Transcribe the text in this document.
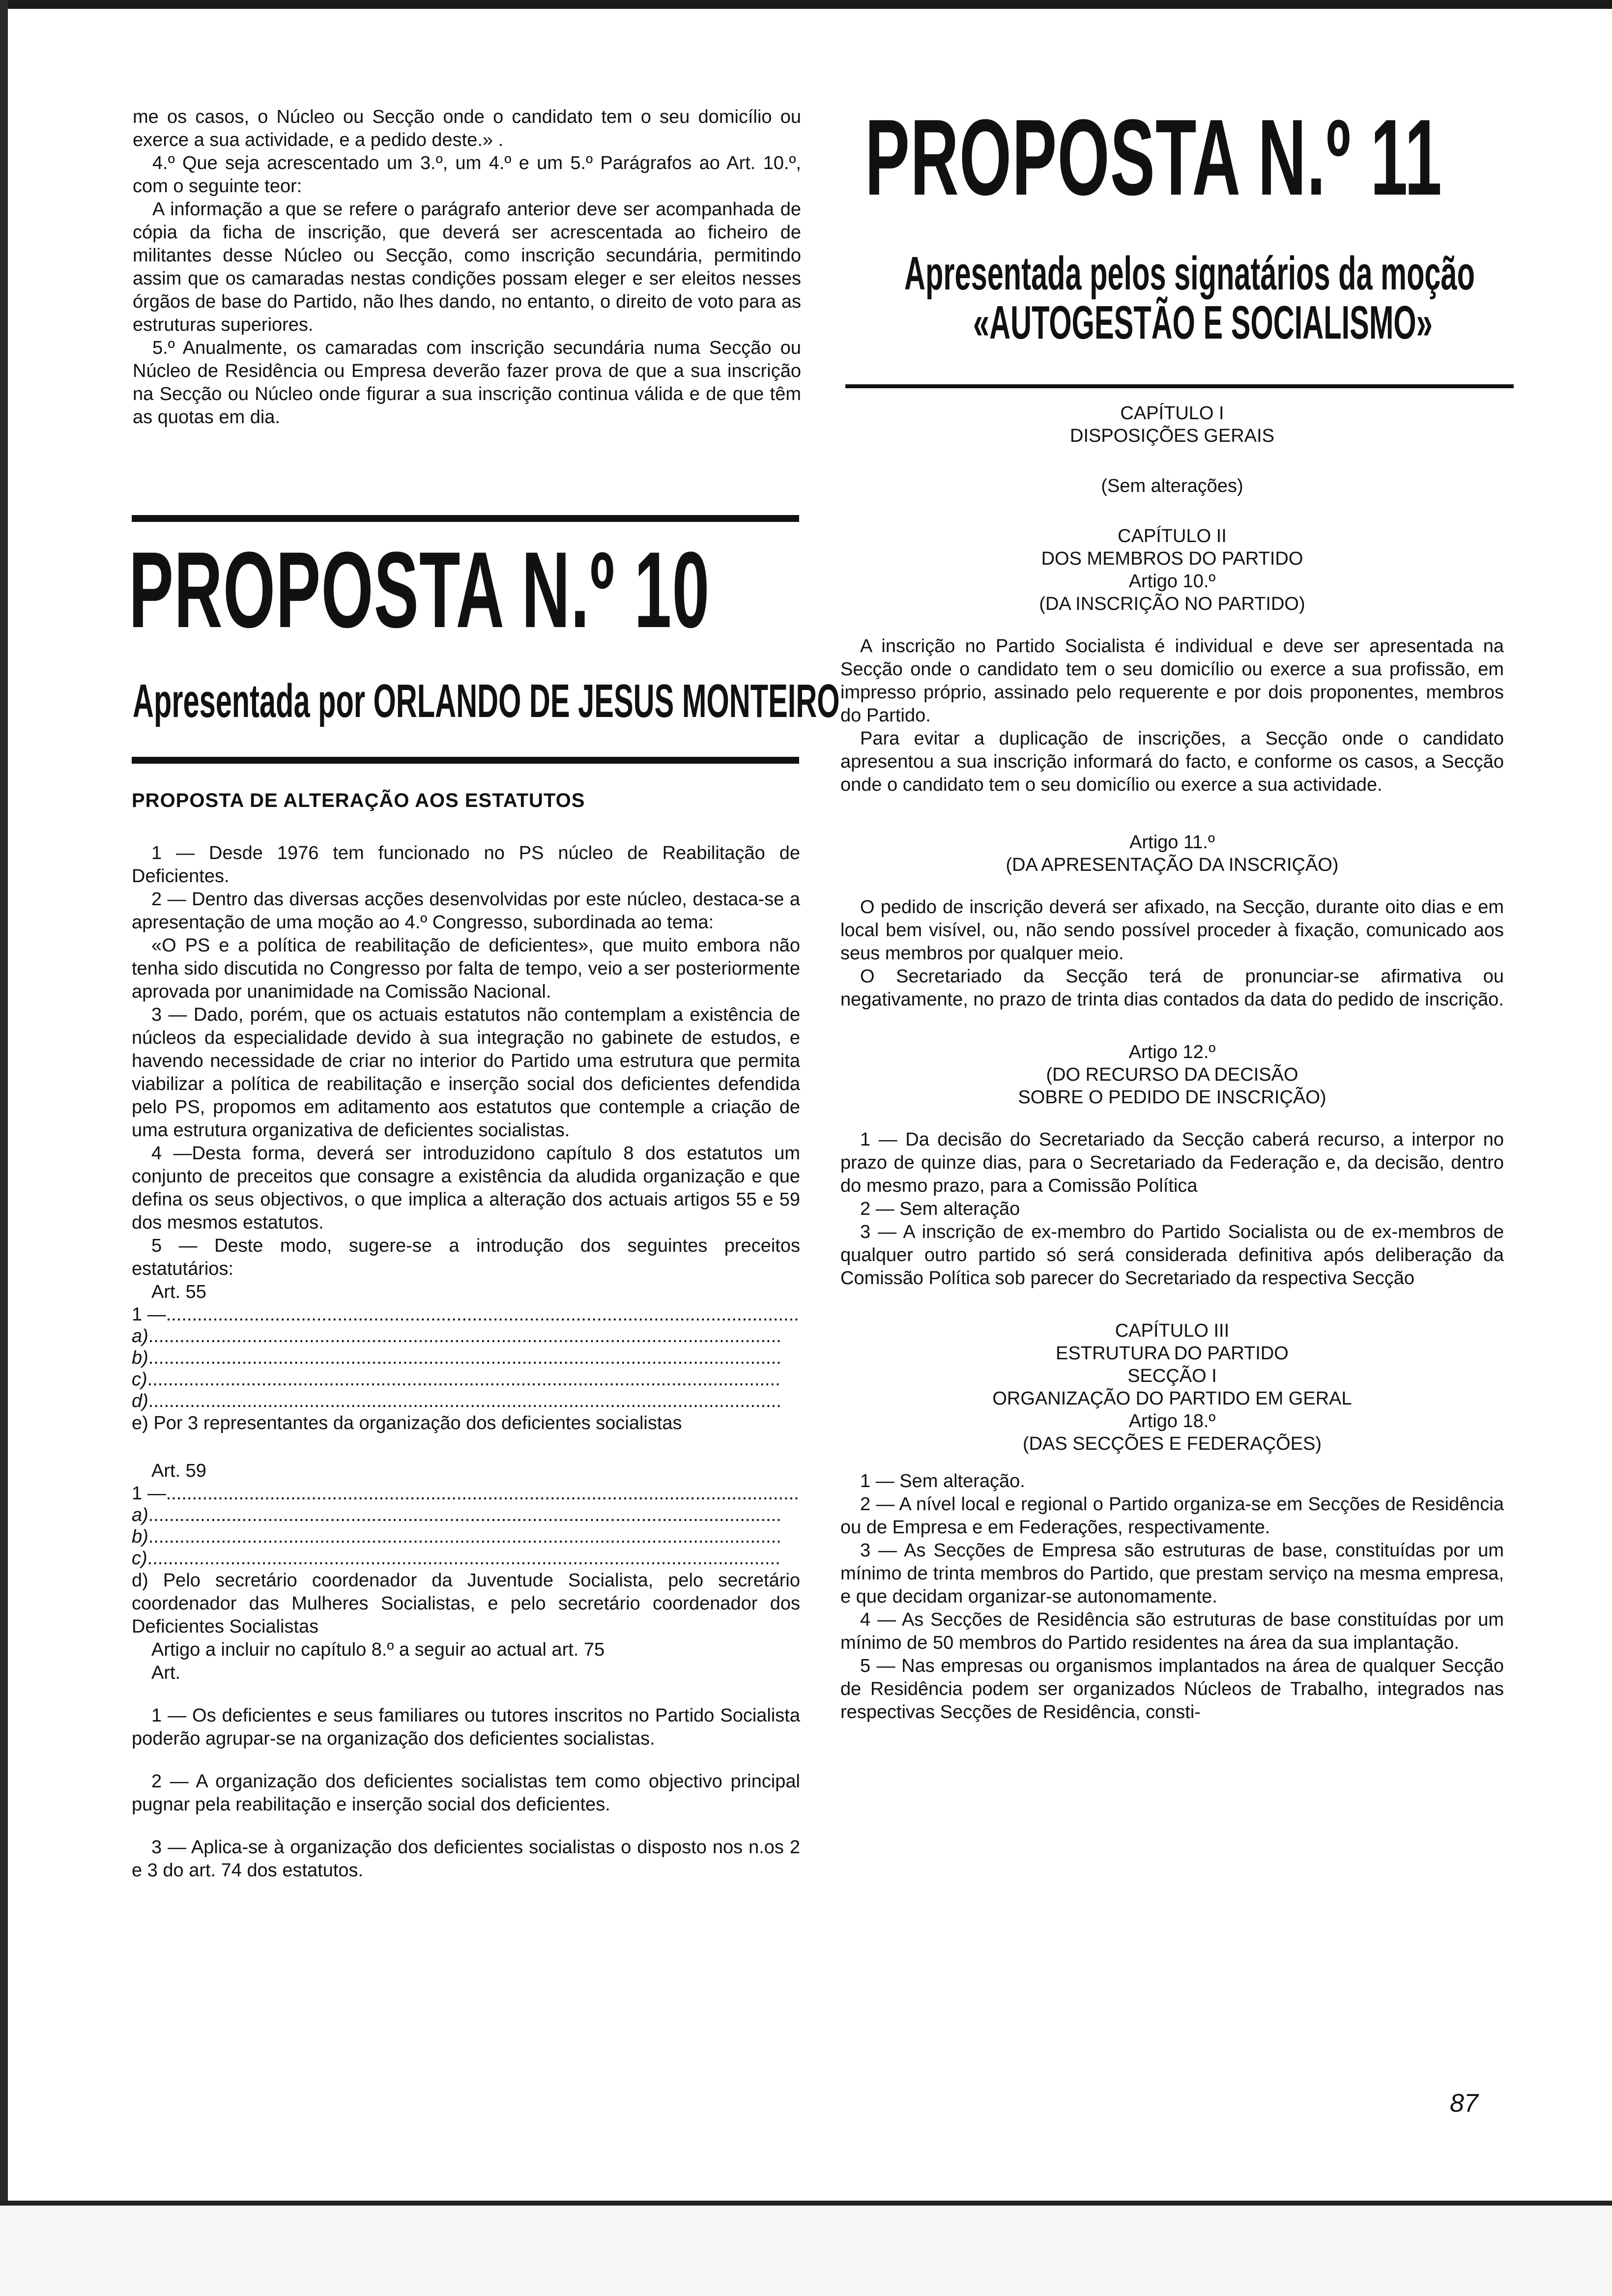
me os casos, o Núcleo ou Secção onde o candidato tem o seu domicílio ou exerce a sua actividade, e a pedido deste.» .

4.º Que seja acrescentado um 3.º, um 4.º e um 5.º Parágrafos ao Art. 10.º, com o seguinte teor:

A informação a que se refere o parágrafo anterior deve ser acompanhada de cópia da ficha de inscrição, que deverá ser acrescentada ao ficheiro de militantes desse Núcleo ou Secção, como inscrição secundária, permitindo assim que os camaradas nestas condições possam eleger e ser eleitos nesses órgãos de base do Partido, não lhes dando, no entanto, o direito de voto para as estruturas superiores.

5.º Anualmente, os camaradas com inscrição secundária numa Secção ou Núcleo de Residência ou Empresa deverão fazer prova de que a sua inscrição na Secção ou Núcleo onde figurar a sua inscrição continua válida e de que têm as quotas em dia.

PROPOSTA N.º 10

Apresentada por ORLANDO DE JESUS MONTEIRO

PROPOSTA DE ALTERAÇÃO AOS ESTATUTOS

1 — Desde 1976 tem funcionado no PS núcleo de Reabilitação de Deficientes.

2 — Dentro das diversas acções desenvolvidas por este núcleo, destaca-se a apresentação de uma moção ao 4.º Congresso, subordinada ao tema:

«O PS e a política de reabilitação de deficientes», que muito embora não tenha sido discutida no Congresso por falta de tempo, veio a ser posteriormente aprovada por unanimidade na Comissão Nacional.

3 — Dado, porém, que os actuais estatutos não contemplam a existência de núcleos da especialidade devido à sua integração no gabinete de estudos, e havendo necessidade de criar no interior do Partido uma estrutura que permita viabilizar a política de reabilitação e inserção social dos deficientes defendida pelo PS, propomos em aditamento aos estatutos que contemple a criação de uma estrutura organizativa de deficientes socialistas.

4 —Desta forma, deverá ser introduzidono capítulo 8 dos estatutos um conjunto de preceitos que consagre a existência da aludida organização e que defina os seus objectivos, o que implica a alteração dos actuais artigos 55 e 59 dos mesmos estatutos.

5 — Deste modo, sugere-se a introdução dos seguintes preceitos estatutários:

Art. 55

1 —..........................................................................................................................

a)..........................................................................................................................

b)..........................................................................................................................

c)..........................................................................................................................

d)..........................................................................................................................

e) Por 3 representantes da organização dos deficientes socialistas

Art. 59

1 —..........................................................................................................................

a)..........................................................................................................................

b)..........................................................................................................................

c)..........................................................................................................................

d) Pelo secretário coordenador da Juventude Socialista, pelo secretário coordenador das Mulheres Socialistas, e pelo secretário coordenador dos Deficientes Socialistas

Artigo a incluir no capítulo 8.º a seguir ao actual art. 75

Art.

1 — Os deficientes e seus familiares ou tutores inscritos no Partido Socialista poderão agrupar-se na organização dos deficientes socialistas.

2 — A organização dos deficientes socialistas tem como objectivo principal pugnar pela reabilitação e inserção social dos deficientes.

3 — Aplica-se à organização dos deficientes socialistas o disposto nos n.os 2 e 3 do art. 74 dos estatutos.

PROPOSTA N.º 11

Apresentada pelos signatários da moção

«AUTOGESTÃO E SOCIALISMO»

CAPÍTULO I

DISPOSIÇÕES GERAIS

(Sem alterações)

CAPÍTULO II

DOS MEMBROS DO PARTIDO

Artigo 10.º

(DA INSCRIÇÃO NO PARTIDO)

A inscrição no Partido Socialista é individual e deve ser apresentada na Secção onde o candidato tem o seu domicílio ou exerce a sua profissão, em impresso próprio, assinado pelo requerente e por dois proponentes, membros do Partido.

Para evitar a duplicação de inscrições, a Secção onde o candidato apresentou a sua inscrição informará do facto, e conforme os casos, a Secção onde o candidato tem o seu domicílio ou exerce a sua actividade.

Artigo 11.º

(DA APRESENTAÇÃO DA INSCRIÇÃO)

O pedido de inscrição deverá ser afixado, na Secção, durante oito dias e em local bem visível, ou, não sendo possível proceder à fixação, comunicado aos seus membros por qualquer meio.

O Secretariado da Secção terá de pronunciar-se afirmativa ou negativamente, no prazo de trinta dias contados da data do pedido de inscrição.

Artigo 12.º

(DO RECURSO DA DECISÃO

SOBRE O PEDIDO DE INSCRIÇÃO)

1 — Da decisão do Secretariado da Secção caberá recurso, a interpor no prazo de quinze dias, para o Secretariado da Federação e, da decisão, dentro do mesmo prazo, para a Comissão Política

2 — Sem alteração

3 — A inscrição de ex-membro do Partido Socialista ou de ex-membros de qualquer outro partido só será considerada definitiva após deliberação da Comissão Política sob parecer do Secretariado da respectiva Secção

CAPÍTULO III

ESTRUTURA DO PARTIDO

SECÇÃO I

ORGANIZAÇÃO DO PARTIDO EM GERAL

Artigo 18.º

(DAS SECÇÕES E FEDERAÇÕES)

1 — Sem alteração.

2 — A nível local e regional o Partido organiza-se em Secções de Residência ou de Empresa e em Federações, respectivamente.

3 — As Secções de Empresa são estruturas de base, constituídas por um mínimo de trinta membros do Partido, que prestam serviço na mesma empresa, e que decidam organizar-se autonomamente.

4 — As Secções de Residência são estruturas de base constituídas por um mínimo de 50 membros do Partido residentes na área da sua implantação.

5 — Nas empresas ou organismos implantados na área de qualquer Secção de Residência podem ser organizados Núcleos de Trabalho, integrados nas respectivas Secções de Residência, consti-

87
